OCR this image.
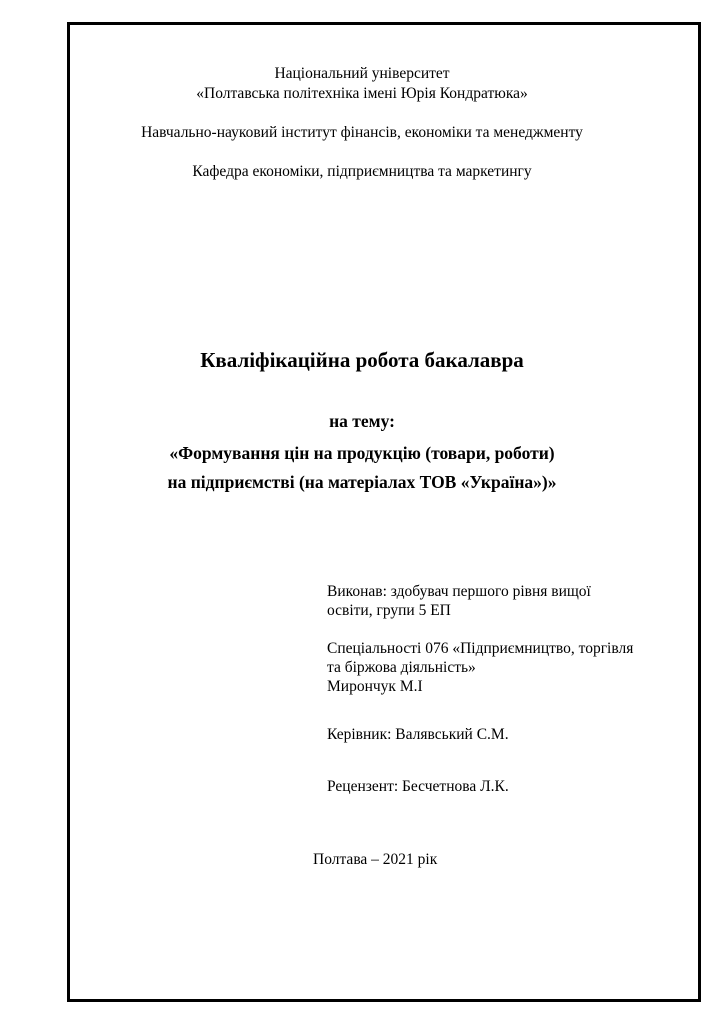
Національний університет
«Полтавська політехніка імені Юрія Кондратюка»
Навчально-науковий інститут фінансів, економіки та менеджменту
Кафедра економіки, підприємництва та маркетингу
Кваліфікаційна робота бакалавра
на тему:
«Формування цін на продукцію (товари, роботи)
на підприємстві (на матеріалах ТОВ «Україна»)»
Виконав: здобувач першого рівня вищої
освіти, групи 5 ЕП
Спеціальності 076 «Підприємництво, торгівля
та біржова діяльність»
Мирончук М.І
Керівник: Валявський С.М.
Рецензент: Бесчетнова Л.К.
Полтава – 2021 рік
